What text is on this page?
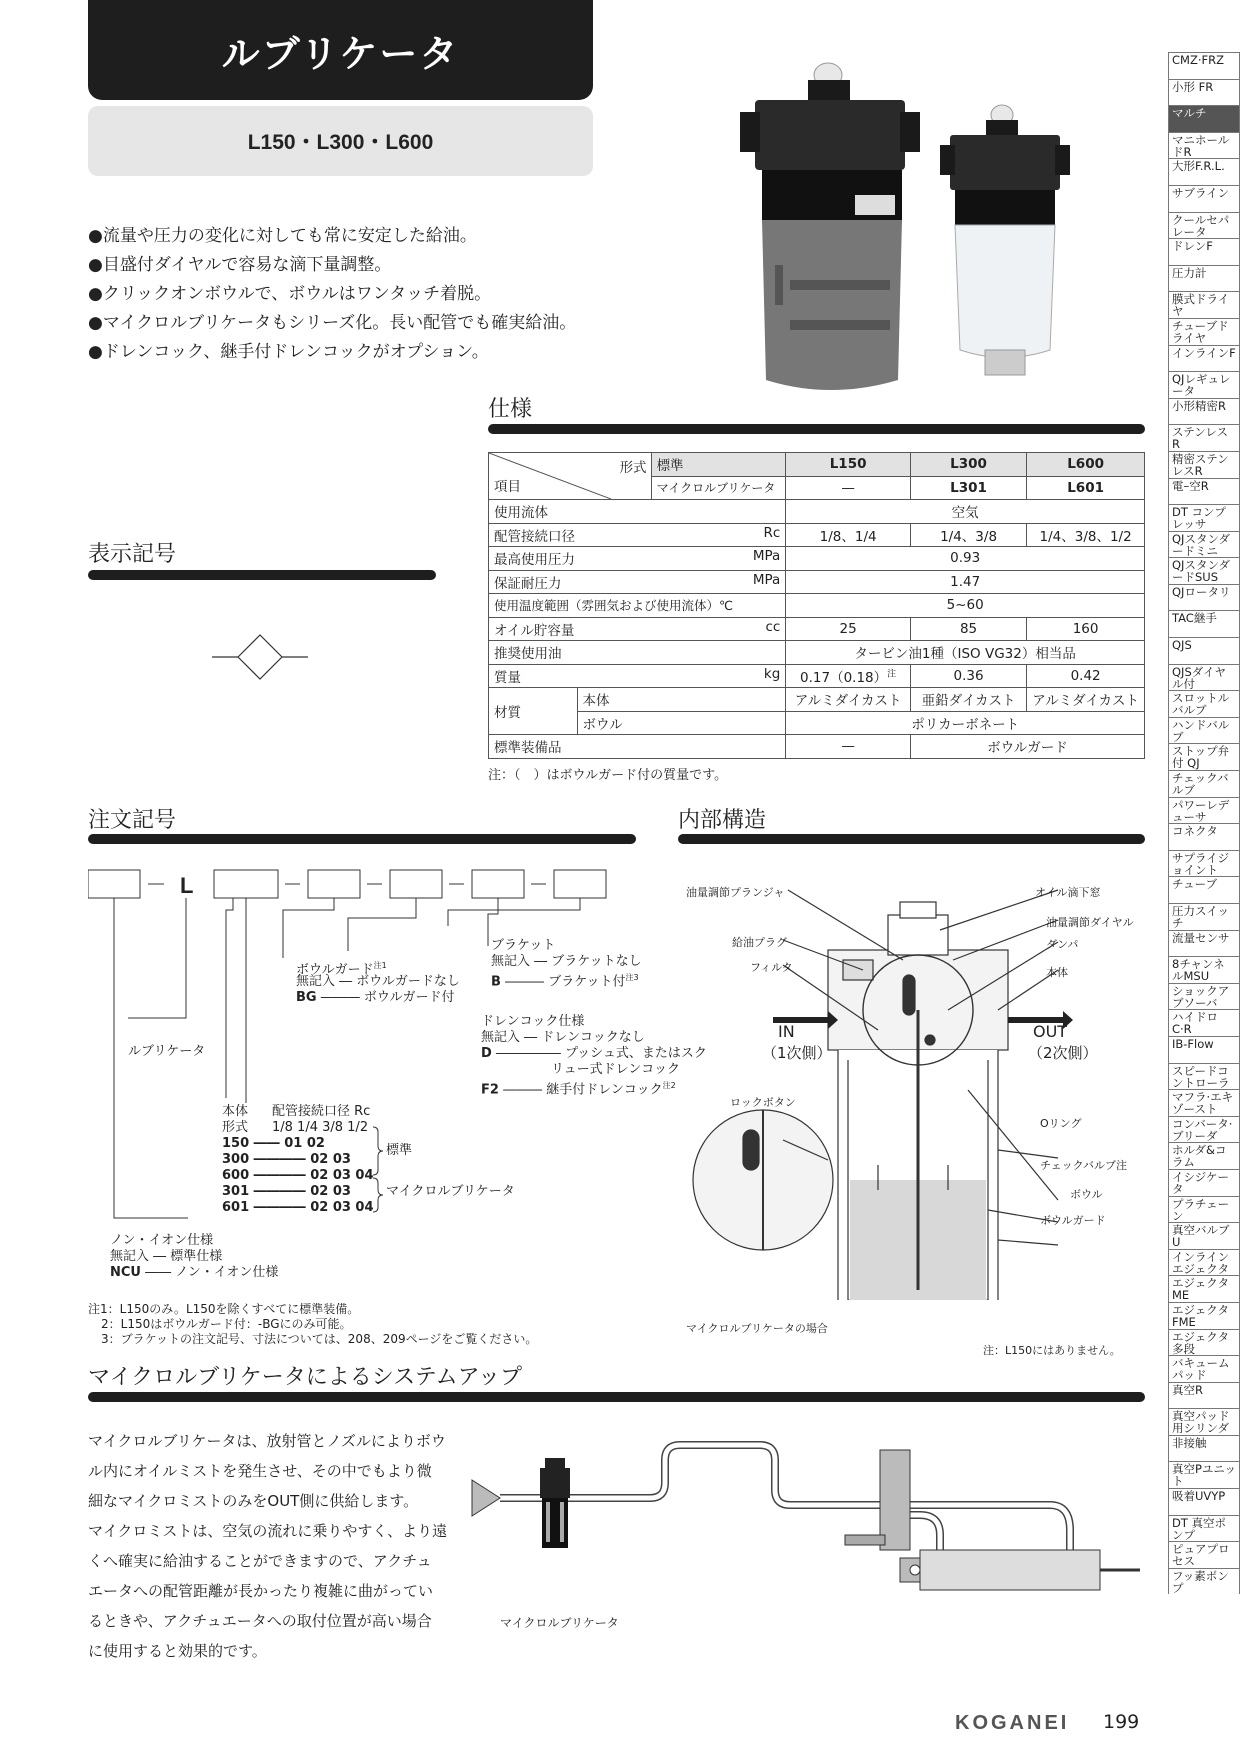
ルブリケータ
L150・L300・L600
●流量や圧力の変化に対しても常に安定した給油。
●目盛付ダイヤルで容易な滴下量調整。
●クリックオンボウルで、ボウルはワンタッチ着脱。
●マイクロルブリケータもシリーズ化。長い配管でも確実給油。
●ドレンコック、継手付ドレンコックがオプション。
仕様
形式
項目		標準	L150	L300	L600
		マイクロルブリケータ	—	L301	L601
使用流体			空気		
配管接続口径 Rc			1/8、1/4	1/4、3/8	1/4、3/8、1/2
最高使用圧力 MPa			0.93		
保証耐圧力 MPa			1.47		
使用温度範囲（雰囲気および使用流体）℃			5~60		
オイル貯容量 cc			25	85	160
推奨使用油			タービン油1種（ISO VG32）相当品		
質量 kg			$0.17(0.18)^注$	0.36	0.42
材質	本体		アルミダイカスト	亜鉛ダイカスト	アルミダイカスト
	ボウル		ポリカーボネート		
標準装備品			—	ボウルガード	
注：（　）はボウルガード付の質量です。
表示記号
注文記号
L
ブラケット
無記入 ― ブラケットなし
B ――― ブラケット付$^{注3}$
ボウルガード$^{注1}$
無記入 ― ボウルガードなし
BG ――― ボウルガード付
ドレンコック仕様
無記入 ― ドレンコックなし
D ――――― プッシュ式、またはスク
リュー式ドレンコック
F2 ――― 継手付ドレンコック$^{注2}$
ルブリケータ
本体 配管接続口径 Rc
形式 1/8 1/4 3/8 1/2
150 ―― 01 02
300 ―――― 02 03
600 ―――― 02 03 04
301 ―――― 02 03
601 ―――― 02 03 04
標準
マイクロルブリケータ
ノン・イオン仕様
無記入 ― 標準仕様
NCU ―― ノン・イオン仕様
注1：L150のみ。L150を除くすべてに標準装備。
2：L150はボウルガード付：-BGにのみ可能。
3：ブラケットの注文記号、寸法については、208、209ページをご覧ください。
内部構造
油量調節プランジャ	オイル滴下窓
油量調節ダイヤル
給油プラグ	ダンパ
フィルタ	本体
IN
（1次側）
OUT
（2次側）
ロックボタン
Oリング
チェックバルブ注
ボウル
ボウルガード
マイクロルブリケータの場合
注：L150にはありません。
マイクロルブリケータによるシステムアップ
マイクロルブリケータは、放射管とノズルによりボウ
ル内にオイルミストを発生させ、その中でもより微
細なマイクロミストのみをOUT側に供給します。
マイクロミストは、空気の流れに乗りやすく、より遠
くへ確実に給油することができますので、アクチュ
エータへの配管距離が長かったり複雑に曲がってい
るときや、アクチュエータへの取付位置が高い場合
に使用すると効果的です。
マイクロルブリケータ
KOGANEI 199
CMZ·FRZ
小形 FR
マルチ
マニホールドR
大形F.R.L.
サブライン
クールセパレータ
ドレンF
圧力計
膜式ドライヤ
チューブドライヤ
インラインF
QJレギュレータ
小形精密R
ステンレスR
精密ステンレスR
電–空R
DT コンプレッサ
QJスタンダードミニ
QJスタンダードSUS
QJロータリ
TAC継手
QJS
QJSダイヤル付
スロットルバルブ
ハンドバルブ
ストップ弁付 QJ
チェックバルブ
パワーレデューサ
コネクタ
サプライジョイント
チューブ
圧力スイッチ
流量センサ
8チャンネルMSU
ショックアブソーバ
ハイドロC·R
IB-Flow
スピードコントローラ
マフラ·エキゾースト
コンバータ·ブリーダ
ホルダ&コラム
イシジケータ
プラチェーン
真空バルブU
インラインエジェクタ
エジェクタME
エジェクタFME
エジェクタ多段
バキュームパッド
真空R
真空パッド用シリンダ
非接触
真空Pユニット
吸着UVYP
DT 真空ポンプ
ピュアプロセス
フッ素ポンプ
